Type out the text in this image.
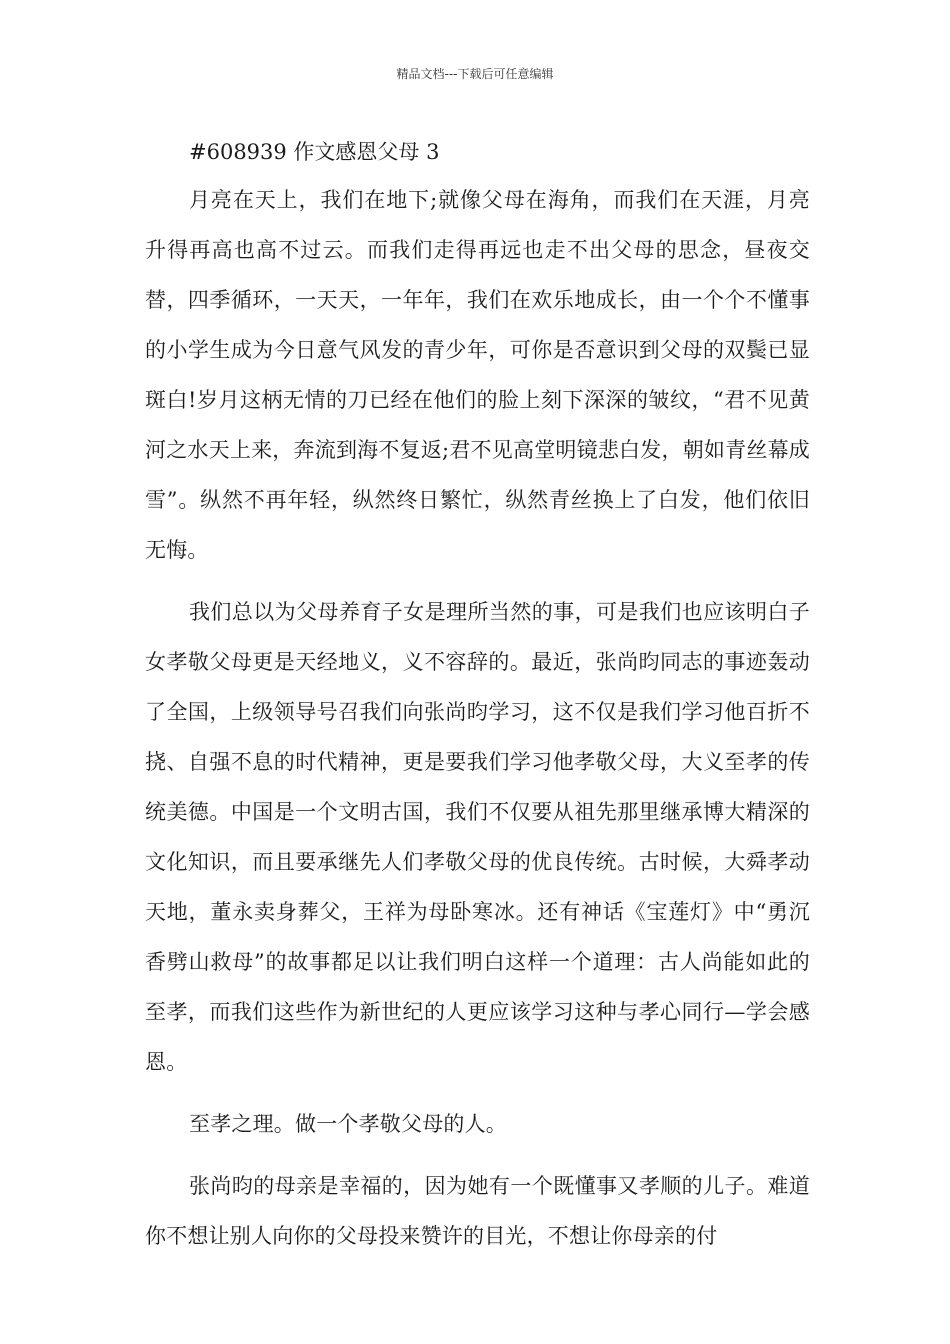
精品文档---下载后可任意编辑
#608939 作文感恩父母 3

月亮在天上，我们在地下;就像父母在海角，而我们在天涯，月亮升得再高也高不过云。而我们走得再远也走不出父母的思念，昼夜交替，四季循环，一天天，一年年，我们在欢乐地成长，由一个个不懂事的小学生成为今日意气风发的青少年，可你是否意识到父母的双鬓已显斑白!岁月这柄无情的刀已经在他们的脸上刻下深深的皱纹，“君不见黄河之水天上来，奔流到海不复返;君不见高堂明镜悲白发，朝如青丝幕成雪”。纵然不再年轻，纵然终日繁忙，纵然青丝换上了白发，他们依旧无悔。

我们总以为父母养育子女是理所当然的事，可是我们也应该明白子女孝敬父母更是天经地义，义不容辞的。最近，张尚昀同志的事迹轰动了全国，上级领导号召我们向张尚昀学习，这不仅是我们学习他百折不挠、自强不息的时代精神，更是要我们学习他孝敬父母，大义至孝的传统美德。中国是一个文明古国，我们不仅要从祖先那里继承博大精深的文化知识，而且要承继先人们孝敬父母的优良传统。古时候，大舜孝动天地，董永卖身葬父，王祥为母卧寒冰。还有神话《宝莲灯》中“勇沉香劈山救母”的故事都足以让我们明白这样一个道理：古人尚能如此的至孝，而我们这些作为新世纪的人更应该学习这种与孝心同行—学会感恩。

至孝之理。做一个孝敬父母的人。

张尚昀的母亲是幸福的，因为她有一个既懂事又孝顺的儿子。难道你不想让别人向你的父母投来赞许的目光，不想让你母亲的付
